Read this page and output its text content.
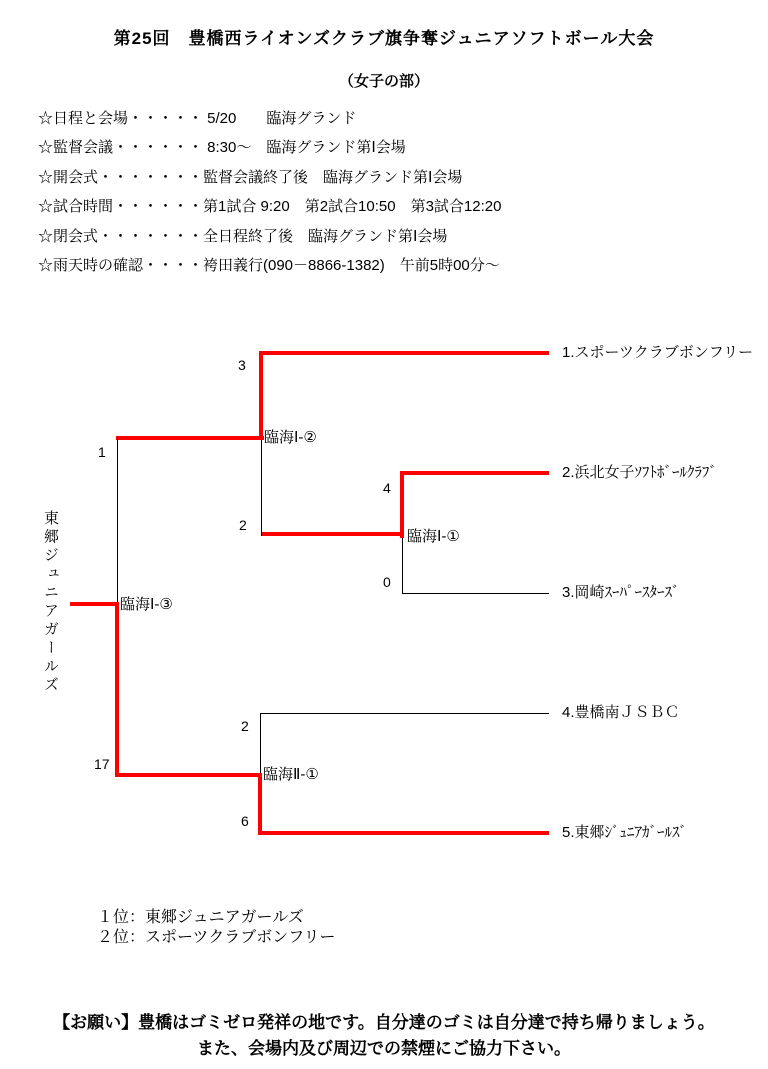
第25回　豊橋西ライオンズクラブ旗争奪ジュニアソフトボール大会
（女子の部）
☆日程と会場・・・・・ 5/20　　臨海グランド
☆監督会議・・・・・・ 8:30～　臨海グランド第Ⅰ会場
☆開会式・・・・・・・監督会議終了後　臨海グランド第Ⅰ会場
☆試合時間・・・・・・第1試合 9:20　第2試合10:50　第3試合12:20
☆閉会式・・・・・・・全日程終了後　臨海グランド第Ⅰ会場
☆雨天時の確認・・・・袴田義行(090－8866-1382)　午前5時00分～
東郷ジュニアガールズ
1.スポーツクラブボンフリー
2.浜北女子ｿﾌﾄﾎﾞｰﾙｸﾗﾌﾞ
3.岡崎ｽｰﾊﾟｰｽﾀｰｽﾞ
4.豊橋南ＪＳＢＣ
5.東郷ｼﾞｭﾆｱｶﾞｰﾙｽﾞ
臨海Ⅰ-②
臨海Ⅰ-①
臨海Ⅱ-①
臨海Ⅰ-③
3
2
4
0
1
17
2
6
１位：東郷ジュニアガールズ
２位：スポーツクラブボンフリー
【お願い】豊橋はゴミゼロ発祥の地です。自分達のゴミは自分達で持ち帰りましょう。
また、会場内及び周辺での禁煙にご協力下さい。
